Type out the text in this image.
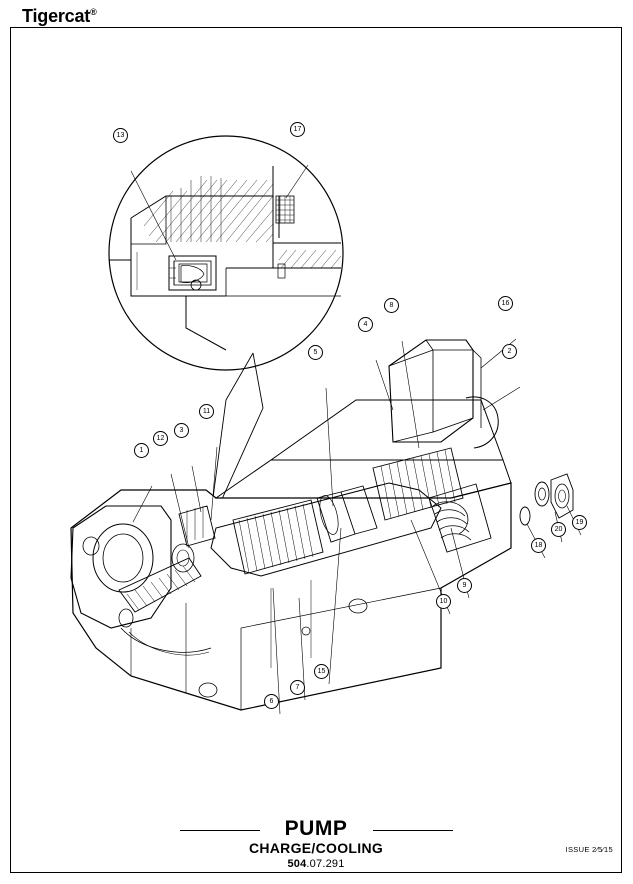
Tigercat®
13
17
16
8
4
2
5
11
12
3
1
19
20
18
9
10
15
7
6
PUMP
CHARGE/COOLING
504.07.291
ISSUE 2⁄5⁄15
